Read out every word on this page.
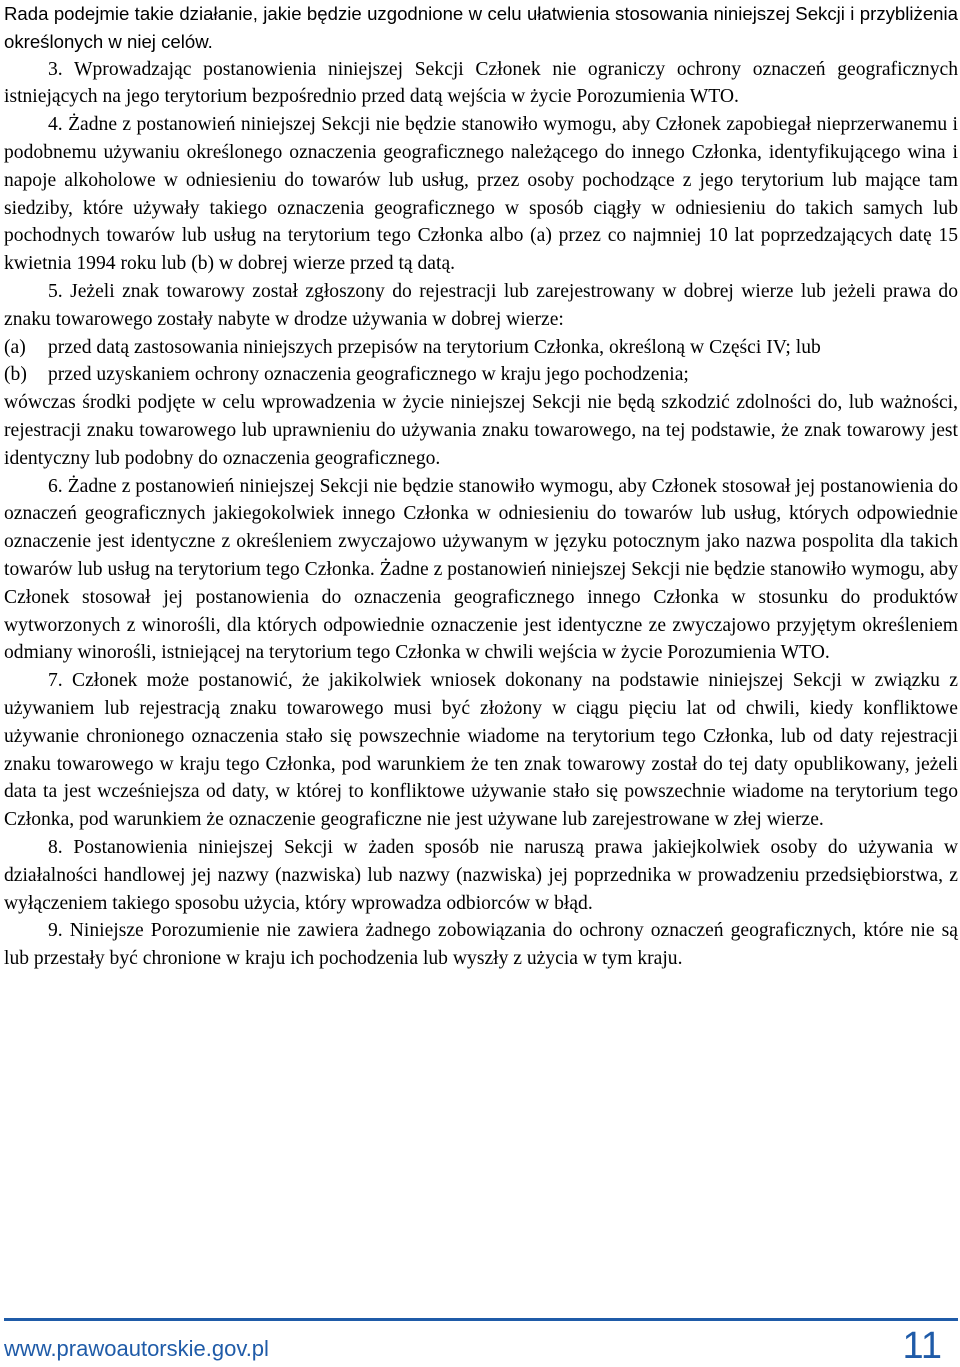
Rada podejmie takie działanie, jakie będzie uzgodnione w celu ułatwienia stosowania niniejszej Sekcji i przybliżenia określonych w niej celów.

3. Wprowadzając postanowienia niniejszej Sekcji Członek nie ograniczy ochrony oznaczeń geograficznych istniejących na jego terytorium bezpośrednio przed datą wejścia w życie Porozumienia WTO.

4. Żadne z postanowień niniejszej Sekcji nie będzie stanowiło wymogu, aby Członek zapobiegał nieprzerwanemu i podobnemu używaniu określonego oznaczenia geograficznego należącego do innego Członka, identyfikującego wina i napoje alkoholowe w odniesieniu do towarów lub usług, przez osoby pochodzące z jego terytorium lub mające tam siedziby, które używały takiego oznaczenia geograficznego w sposób ciągły w odniesieniu do takich samych lub pochodnych towarów lub usług na terytorium tego Członka albo (a) przez co najmniej 10 lat poprzedzających datę 15 kwietnia 1994 roku lub (b) w dobrej wierze przed tą datą.

5. Jeżeli znak towarowy został zgłoszony do rejestracji lub zarejestrowany w dobrej wierze lub jeżeli prawa do znaku towarowego zostały nabyte w drodze używania w dobrej wierze:

(a)	przed datą zastosowania niniejszych przepisów na terytorium Członka, określoną w Części IV; lub
(b)	przed uzyskaniem ochrony oznaczenia geograficznego w kraju jego pochodzenia;

wówczas środki podjęte w celu wprowadzenia w życie niniejszej Sekcji nie będą szkodzić zdolności do, lub ważności, rejestracji znaku towarowego lub uprawnieniu do używania znaku towarowego, na tej podstawie, że znak towarowy jest identyczny lub podobny do oznaczenia geograficznego.

6. Żadne z postanowień niniejszej Sekcji nie będzie stanowiło wymogu, aby Członek stosował jej postanowienia do oznaczeń geograficznych jakiegokolwiek innego Członka w odniesieniu do towarów lub usług, których odpowiednie oznaczenie jest identyczne z określeniem zwyczajowo używanym w języku potocznym jako nazwa pospolita dla takich towarów lub usług na terytorium tego Członka. Żadne z postanowień niniejszej Sekcji nie będzie stanowiło wymogu, aby Członek stosował jej postanowienia do oznaczenia geograficznego innego Członka w stosunku do produktów wytworzonych z winorośli, dla których odpowiednie oznaczenie jest identyczne ze zwyczajowo przyjętym określeniem odmiany winorośli, istniejącej na terytorium tego Członka w chwili wejścia w życie Porozumienia WTO.

7. Członek może postanowić, że jakikolwiek wniosek dokonany na podstawie niniejszej Sekcji w związku z używaniem lub rejestracją znaku towarowego musi być złożony w ciągu pięciu lat od chwili, kiedy konfliktowe używanie chronionego oznaczenia stało się powszechnie wiadome na terytorium tego Członka, lub od daty rejestracji znaku towarowego w kraju tego Członka, pod warunkiem że ten znak towarowy został do tej daty opublikowany, jeżeli data ta jest wcześniejsza od daty, w której to konfliktowe używanie stało się powszechnie wiadome na terytorium tego Członka, pod warunkiem że oznaczenie geograficzne nie jest używane lub zarejestrowane w złej wierze.

8. Postanowienia niniejszej Sekcji w żaden sposób nie naruszą prawa jakiejkolwiek osoby do używania w działalności handlowej jej nazwy (nazwiska) lub nazwy (nazwiska) jej poprzednika w prowadzeniu przedsiębiorstwa, z wyłączeniem takiego sposobu użycia, który wprowadza odbiorców w błąd.

9. Niniejsze Porozumienie nie zawiera żadnego zobowiązania do ochrony oznaczeń geograficznych, które nie są lub przestały być chronione w kraju ich pochodzenia lub wyszły z użycia w tym kraju.

www.prawoautorskie.gov.pl	11
